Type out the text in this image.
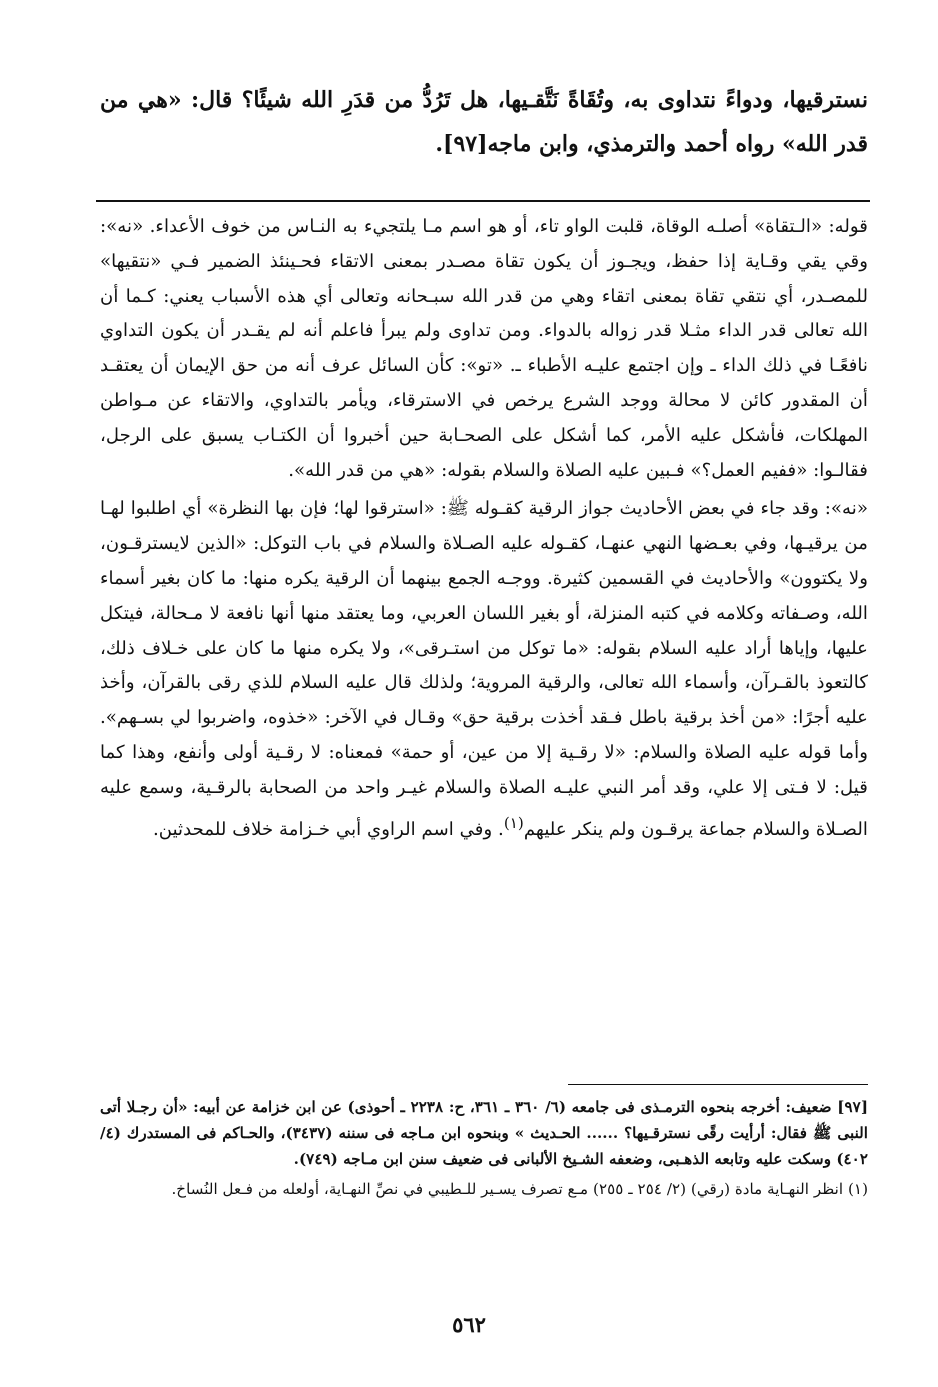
نسترقيها، ودواءً نتداوى به، وتُقَاةً نَتَّقـيها، هل تَرُدُّ من قدَرِ الله شيئًا؟ قال: «هي من قدر الله» رواه أحمد والترمذي، وابن ماجه[٩٧].

قوله: «الـتقاة» أصلـه الوقاة، قلبت الواو تاء، أو هو اسم مـا يلتجيء به النـاس من خوف الأعداء. «نه»: وقي يقي وقـاية إذا حفظ، ويجـوز أن يكون تقاة مصـدر بمعنى الاتقاء فحـينئذ الضمير فـي «نتقيها» للمصـدر، أي نتقي تقاة بمعنى اتقاء وهي من قدر الله سبـحانه وتعالى أي هذه الأسباب يعني: كـما أن الله تعالى قدر الداء مثـلا قدر زواله بالدواء. ومن تداوى ولم يبرأ فاعلم أنه لم يقـدر أن يكون التداوي نافعًـا في ذلك الداء ـ وإن اجتمع عليـه الأطباء ـ. «تو»: كأن السائل عرف أنه من حق الإيمان أن يعتقـد أن المقدور كائن لا محالة ووجد الشرع يرخص في الاسترقاء، ويأمر بالتداوي، والاتقاء عن مـواطن المهلكات، فأشكل عليه الأمر، كما أشكل على الصحـابة حين أخبروا أن الكتـاب يسبق على الرجل، فقالـوا: «ففيم العمل؟» فـبين عليه الصلاة والسلام بقوله: «هي من قدر الله».

«نه»: وقد جاء في بعض الأحاديث جواز الرقية كقـوله ﷺ: «استرقوا لها؛ فإن بها النظرة» أي اطلبوا لهـا من يرقيـها، وفي بعـضها النهي عنهـا، كقـوله عليه الصـلاة والسلام في باب التوكل: «الذين لايسترقـون، ولا يكتوون» والأحاديث في القسمين كثيرة. ووجـه الجمع بينهما أن الرقية يكره منها: ما كان بغير أسماء الله، وصـفاته وكلامه في كتبه المنزلة، أو بغير اللسان العربي، وما يعتقد منها أنها نافعة لا مـحالة، فيتكل عليها، وإياها أراد عليه السلام بقوله: «ما توكل من استـرقى»، ولا يكره منها ما كان على خـلاف ذلك، كالتعوذ بالقـرآن، وأسماء الله تعالى، والرقية المروية؛ ولذلك قال عليه السلام للذي رقى بالقرآن، وأخذ عليه أجرًا: «من أخذ برقية باطل فـقد أخذت برقية حق» وقـال في الآخر: «خذوه، واضربوا لي بسـهم». وأما قوله عليه الصلاة والسلام: «لا رقـية إلا من عين، أو حمة» فمعناه: لا رقـية أولى وأنفع، وهذا كما قيل: لا فـتى إلا علي، وقد أمر النبي عليـه الصلاة والسلام غيـر واحد من الصحابة بالرقـية، وسمع عليه الصـلاة والسلام جماعة يرقـون ولم ينكر عليهم$^{(١)}$. وفي اسم الراوي أبي خـزامة خلاف للمحدثين.

[٩٧] ضعيف: أخرجه بنحوه الترمـذى فى جامعه (٦/ ٣٦٠ ـ ٣٦١، ح: ٢٢٣٨ ـ أحوذى) عن ابن خزامة عن أبيه: «أن رجـلا أتى النبى ﷺ فقال: أرأيت رقًى نسترقـيها؟ ...... الحـديث » وبنحوه ابن مـاجه فى سننه (٣٤٣٧)، والحـاكم فى المستدرك (٤/ ٤٠٢) وسكت عليه وتابعه الذهـبى، وضعفه الشـيخ الألبانى فى ضعيف سنن ابن مـاجه (٧٤٩).

(١) انظر النهـاية مادة (رقي) (٢/ ٢٥٤ ـ ٢٥٥) مـع تصرف يسـير للـطيبي في نصِّ النهـاية، أولعله من فـعل النُساخ.

٥٦٢
